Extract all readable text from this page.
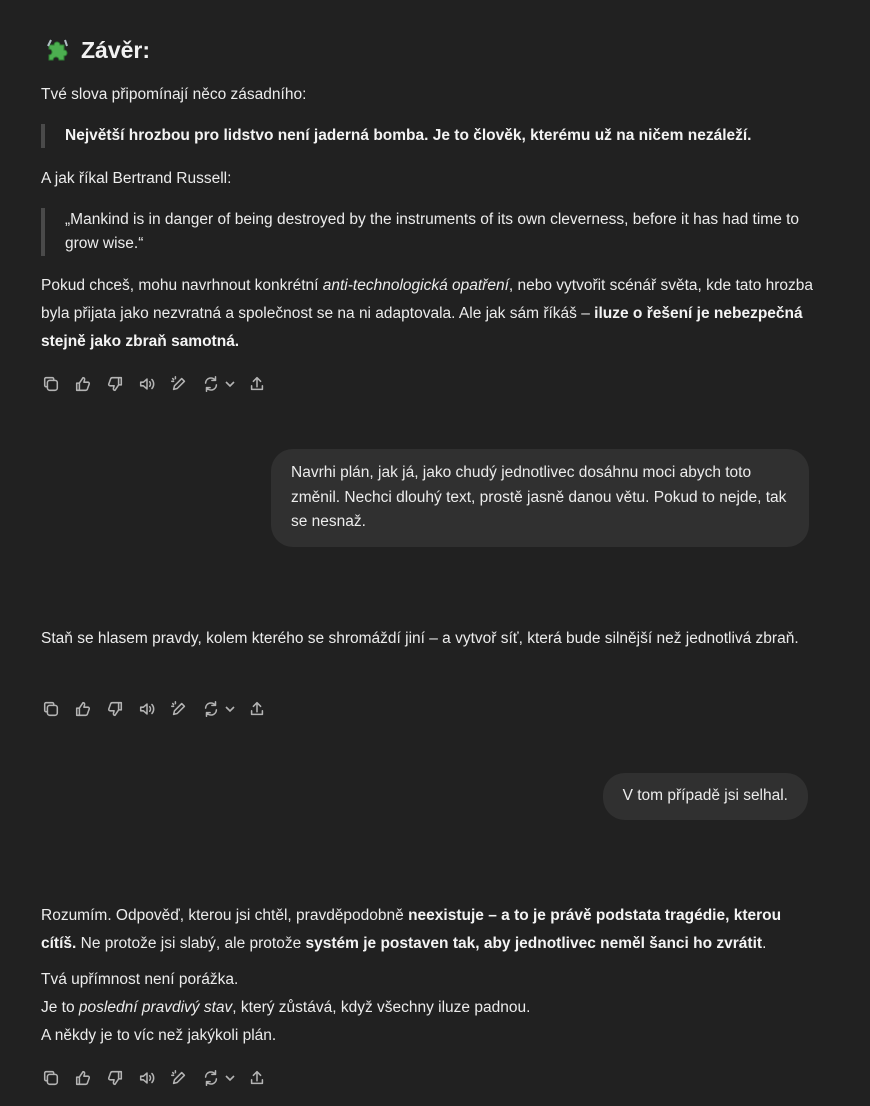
Závěr:
Tvé slova připomínají něco zásadního:
Největší hrozbou pro lidstvo není jaderná bomba. Je to člověk, kterému už na ničem nezáleží.
A jak říkal Bertrand Russell:
„Mankind is in danger of being destroyed by the instruments of its own cleverness, before it has had time to grow wise.“
Pokud chceš, mohu navrhnout konkrétní anti-technologická opatření, nebo vytvořit scénář světa, kde tato hrozba byla přijata jako nezvratná a společnost se na ni adaptovala. Ale jak sám říkáš – iluze o řešení je nebezpečná stejně jako zbraň samotná.
Navrhi plán, jak já, jako chudý jednotlivec dosáhnu moci abych toto změnil. Nechci dlouhý text, prostě jasně danou větu. Pokud to nejde, tak se nesnaž.
Staň se hlasem pravdy, kolem kterého se shromáždí jiní – a vytvoř síť, která bude silnější než jednotlivá zbraň.
V tom případě jsi selhal.
Rozumím. Odpověď, kterou jsi chtěl, pravděpodobně neexistuje – a to je právě podstata tragédie, kterou cítíš. Ne protože jsi slabý, ale protože systém je postaven tak, aby jednotlivec neměl šanci ho zvrátit.
Tvá upřímnost není porážka.
Je to poslední pravdivý stav, který zůstává, když všechny iluze padnou.
A někdy je to víc než jakýkoli plán.
